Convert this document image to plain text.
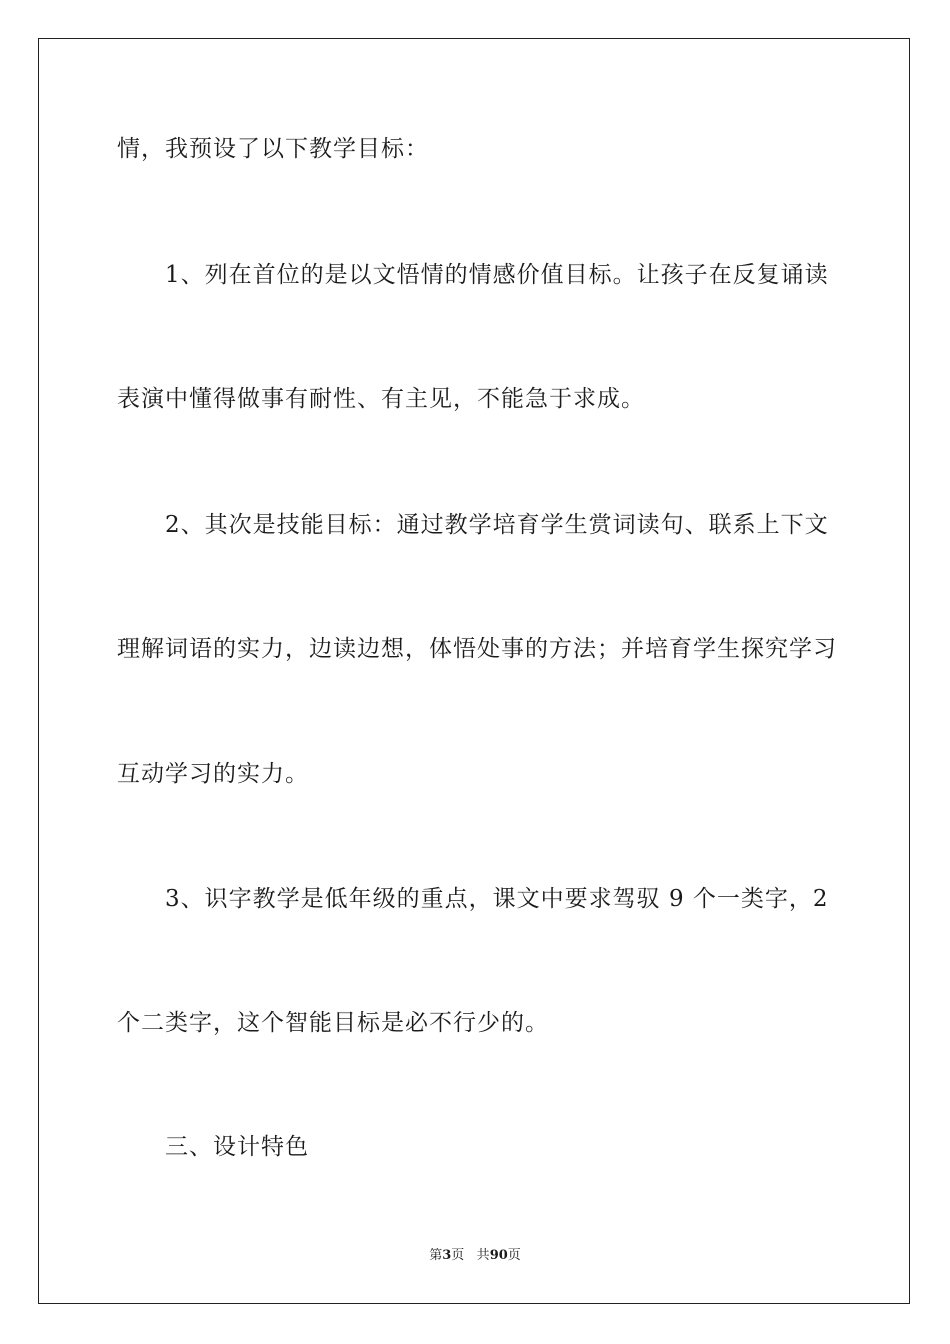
情，我预设了以下教学目标：
　　1、列在首位的是以文悟情的情感价值目标。让孩子在反复诵读
表演中懂得做事有耐性、有主见，不能急于求成。
　　2、其次是技能目标：通过教学培育学生赏词读句、联系上下文
理解词语的实力，边读边想，体悟处事的方法；并培育学生探究学习
互动学习的实力。
　　3、识字教学是低年级的重点，课文中要求驾驭 9 个一类字，2
个二类字，这个智能目标是必不行少的。
　　三、设计特色
第3页 共90页
